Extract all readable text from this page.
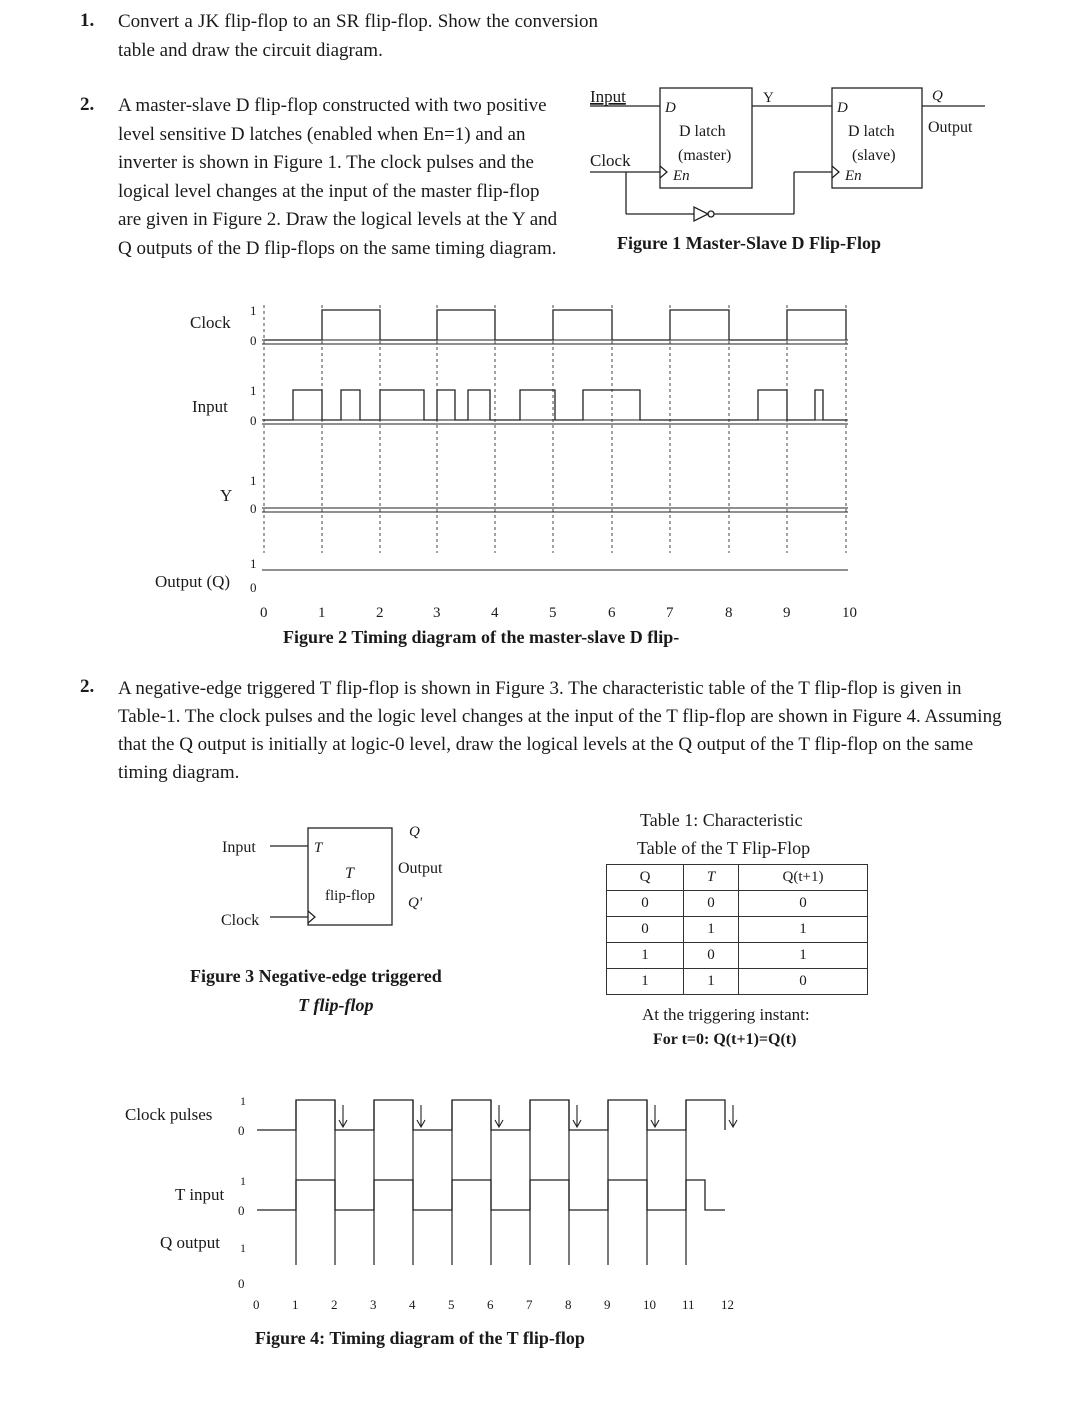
1. Convert a JK flip-flop to an SR flip-flop. Show the conversion table and draw the circuit diagram.
2. A master-slave D flip-flop constructed with two positive
level sensitive D latches (enabled when En=1) and an
inverter is shown in Figure 1. The clock pulses and the
logical level changes at the input of the master flip-flop
are given in Figure 2. Draw the logical levels at the Y and
Q outputs of the D flip-flops on the same timing diagram.
Input
Clock
D
D latch
(master)
En
Y
D
D latch
(slave)
En
Q
Output
Figure 1 Master-Slave D Flip-Flop
Clock
1
0
Input
1
0
Y
1
0
Output (Q)
1
0
0	1	2	3	4	5	6	7	8	9	10
Figure 2 Timing diagram of the master-slave D flip-
2. A negative-edge triggered T flip-flop is shown in Figure 3. The characteristic table of the T flip-flop is given in Table-1. The clock pulses and the logic level changes at the input of the T flip-flop are shown in Figure 4. Assuming that the Q output is initially at logic-0 level, draw the logical levels at the Q output of the T flip-flop on the same timing diagram.
Input
Clock
T
T
flip-flop
Q
Output
Q'
Figure 3 Negative-edge triggered
T flip-flop
Table 1: Characteristic
Table of the T Flip-Flop
Q	T	Q(t+1)
0	0	0
0	1	1
1	0	1
1	1	0
At the triggering instant:
For t=0: Q(t+1)=Q(t)
Clock pulses
T input
Q output
1
0
1
0
1
0
0	1	2	3	4	5	6	7	8	9	10 11 12
Figure 4: Timing diagram of the T flip-flop
